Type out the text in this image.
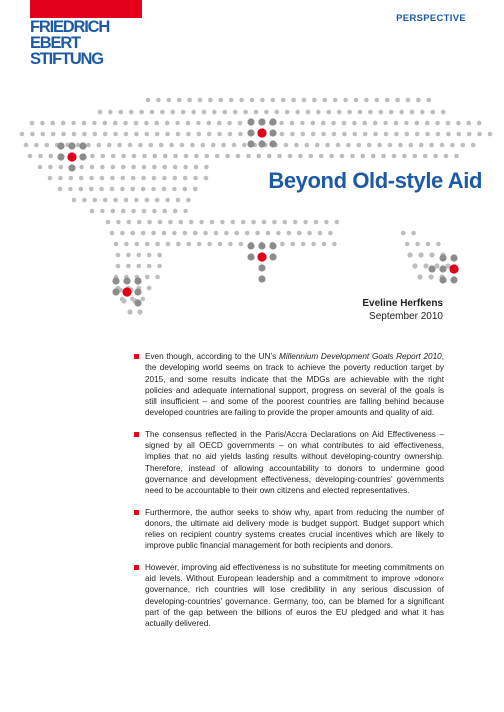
FRIEDRICH
EBERT
STIFTUNG
PERSPECTIVE
Beyond Old-style Aid
Eveline Herfkens
September 2010
Even though, according to the UN’s Millennium Development Goals Report 2010, the developing world seems on track to achieve the poverty reduction target by 2015, and some results indicate that the MDGs are achievable with the right policies and adequate international support, progress on several of the goals is still insufficient – and some of the poorest countries are falling behind because developed countries are failing to provide the proper amounts and quality of aid.
The consensus reflected in the Paris/Accra Declarations on Aid Effectiveness – signed by all OECD governments – on what contributes to aid effectiveness, implies that no aid yields lasting results without developing-country ownership. Therefore, instead of allowing accountability to donors to undermine good governance and development effectiveness, developing-countries’ governments need to be accountable to their own citizens and elected representatives.
Furthermore, the author seeks to show why, apart from reducing the number of donors, the ultimate aid delivery mode is budget support. Budget support which relies on recipient country systems creates crucial incentives which are likely to improve public financial management for both recipients and donors.
However, improving aid effectiveness is no substitute for meeting commitments on aid levels. Without European leadership and a commitment to improve »donor« governance, rich countries will lose credibility in any serious discussion of developing-countries’ governance. Germany, too, can be blamed for a significant part of the gap between the billions of euros the EU pledged and what it has actually delivered.
